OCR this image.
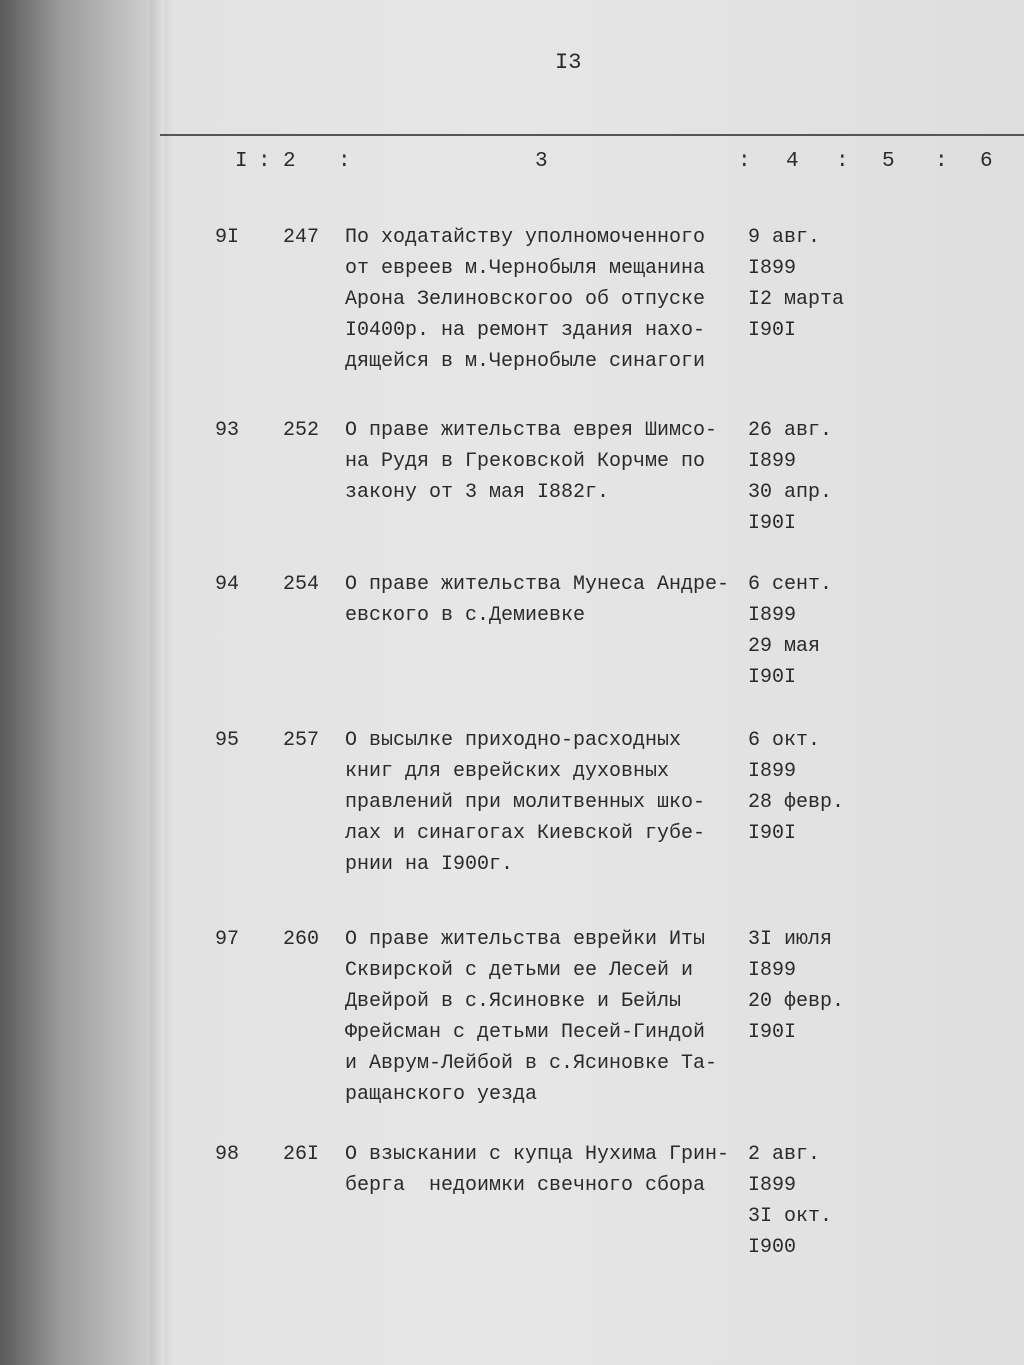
I3
I : 2 :	3	: 4 : 5 : 6
9I 247 По ходатайству уполномоченного
от евреев м.Чернобыля мещанина
Арона Зелиновскогоо об отпуске
I0400р. на ремонт здания нахо-
дящейся в м.Чернобыле синагоги
9 авг.
I899
I2 марта
I90I
93 252 О праве жительства еврея Шимсо-
на Рудя в Грековской Корчме по
закону от 3 мая I882г.
26 авг.
I899
30 апр.
I90I
94 254 О праве жительства Мунеса Андре-
евского в с.Демиевке
6 сент.
I899
29 мая
I90I
95 257 О высылке приходно-расходных
книг для еврейских духовных
правлений при молитвенных шко-
лах и синагогах Киевской губе-
рнии на I900г.
6 окт.
I899
28 февр.
I90I
97 260 О праве жительства еврейки Иты
Сквирской с детьми ее Лесей и
Двейрой в с.Ясиновке и Бейлы
Фрейсман с детьми Песей-Гиндой
и Аврум-Лейбой в с.Ясиновке Та-
ращанского уезда
3I июля
I899
20 февр.
I90I
98 26I О взыскании с купца Нухима Грин-
берга  недоимки свечного сбора
2 авг.
I899
3I окт.
I900
